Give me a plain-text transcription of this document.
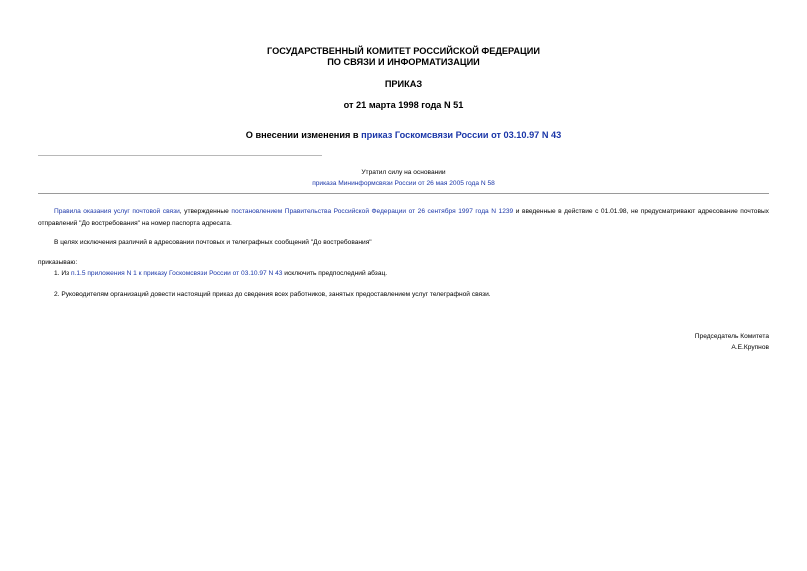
ГОСУДАРСТВЕННЫЙ КОМИТЕТ РОССИЙСКОЙ ФЕДЕРАЦИИ
ПО СВЯЗИ И ИНФОРМАТИЗАЦИИ
ПРИКАЗ
от 21 марта 1998 года N 51
О внесении изменения в приказ Госкомсвязи России от 03.10.97 N 43
Утратил силу на основании
приказа Мининформсвязи России от 26 мая 2005 года N 58
Правила оказания услуг почтовой связи, утвержденные постановлением Правительства Российской Федерации от 26 сентября 1997 года N 1239 и введенные в действие с 01.01.98, не предусматривают адресование почтовых отправлений "До востребования" на номер паспорта адресата.
В целях исключения различий в адресовании почтовых и телеграфных сообщений "До востребования"
приказываю:
1. Из п.1.5 приложения N 1 к приказу Госкомсвязи России от 03.10.97 N 43 исключить предпоследний абзац.
2. Руководителям организаций довести настоящий приказ до сведения всех работников, занятых предоставлением услуг телеграфной связи.
Председатель Комитета
А.Е.Крупнов
